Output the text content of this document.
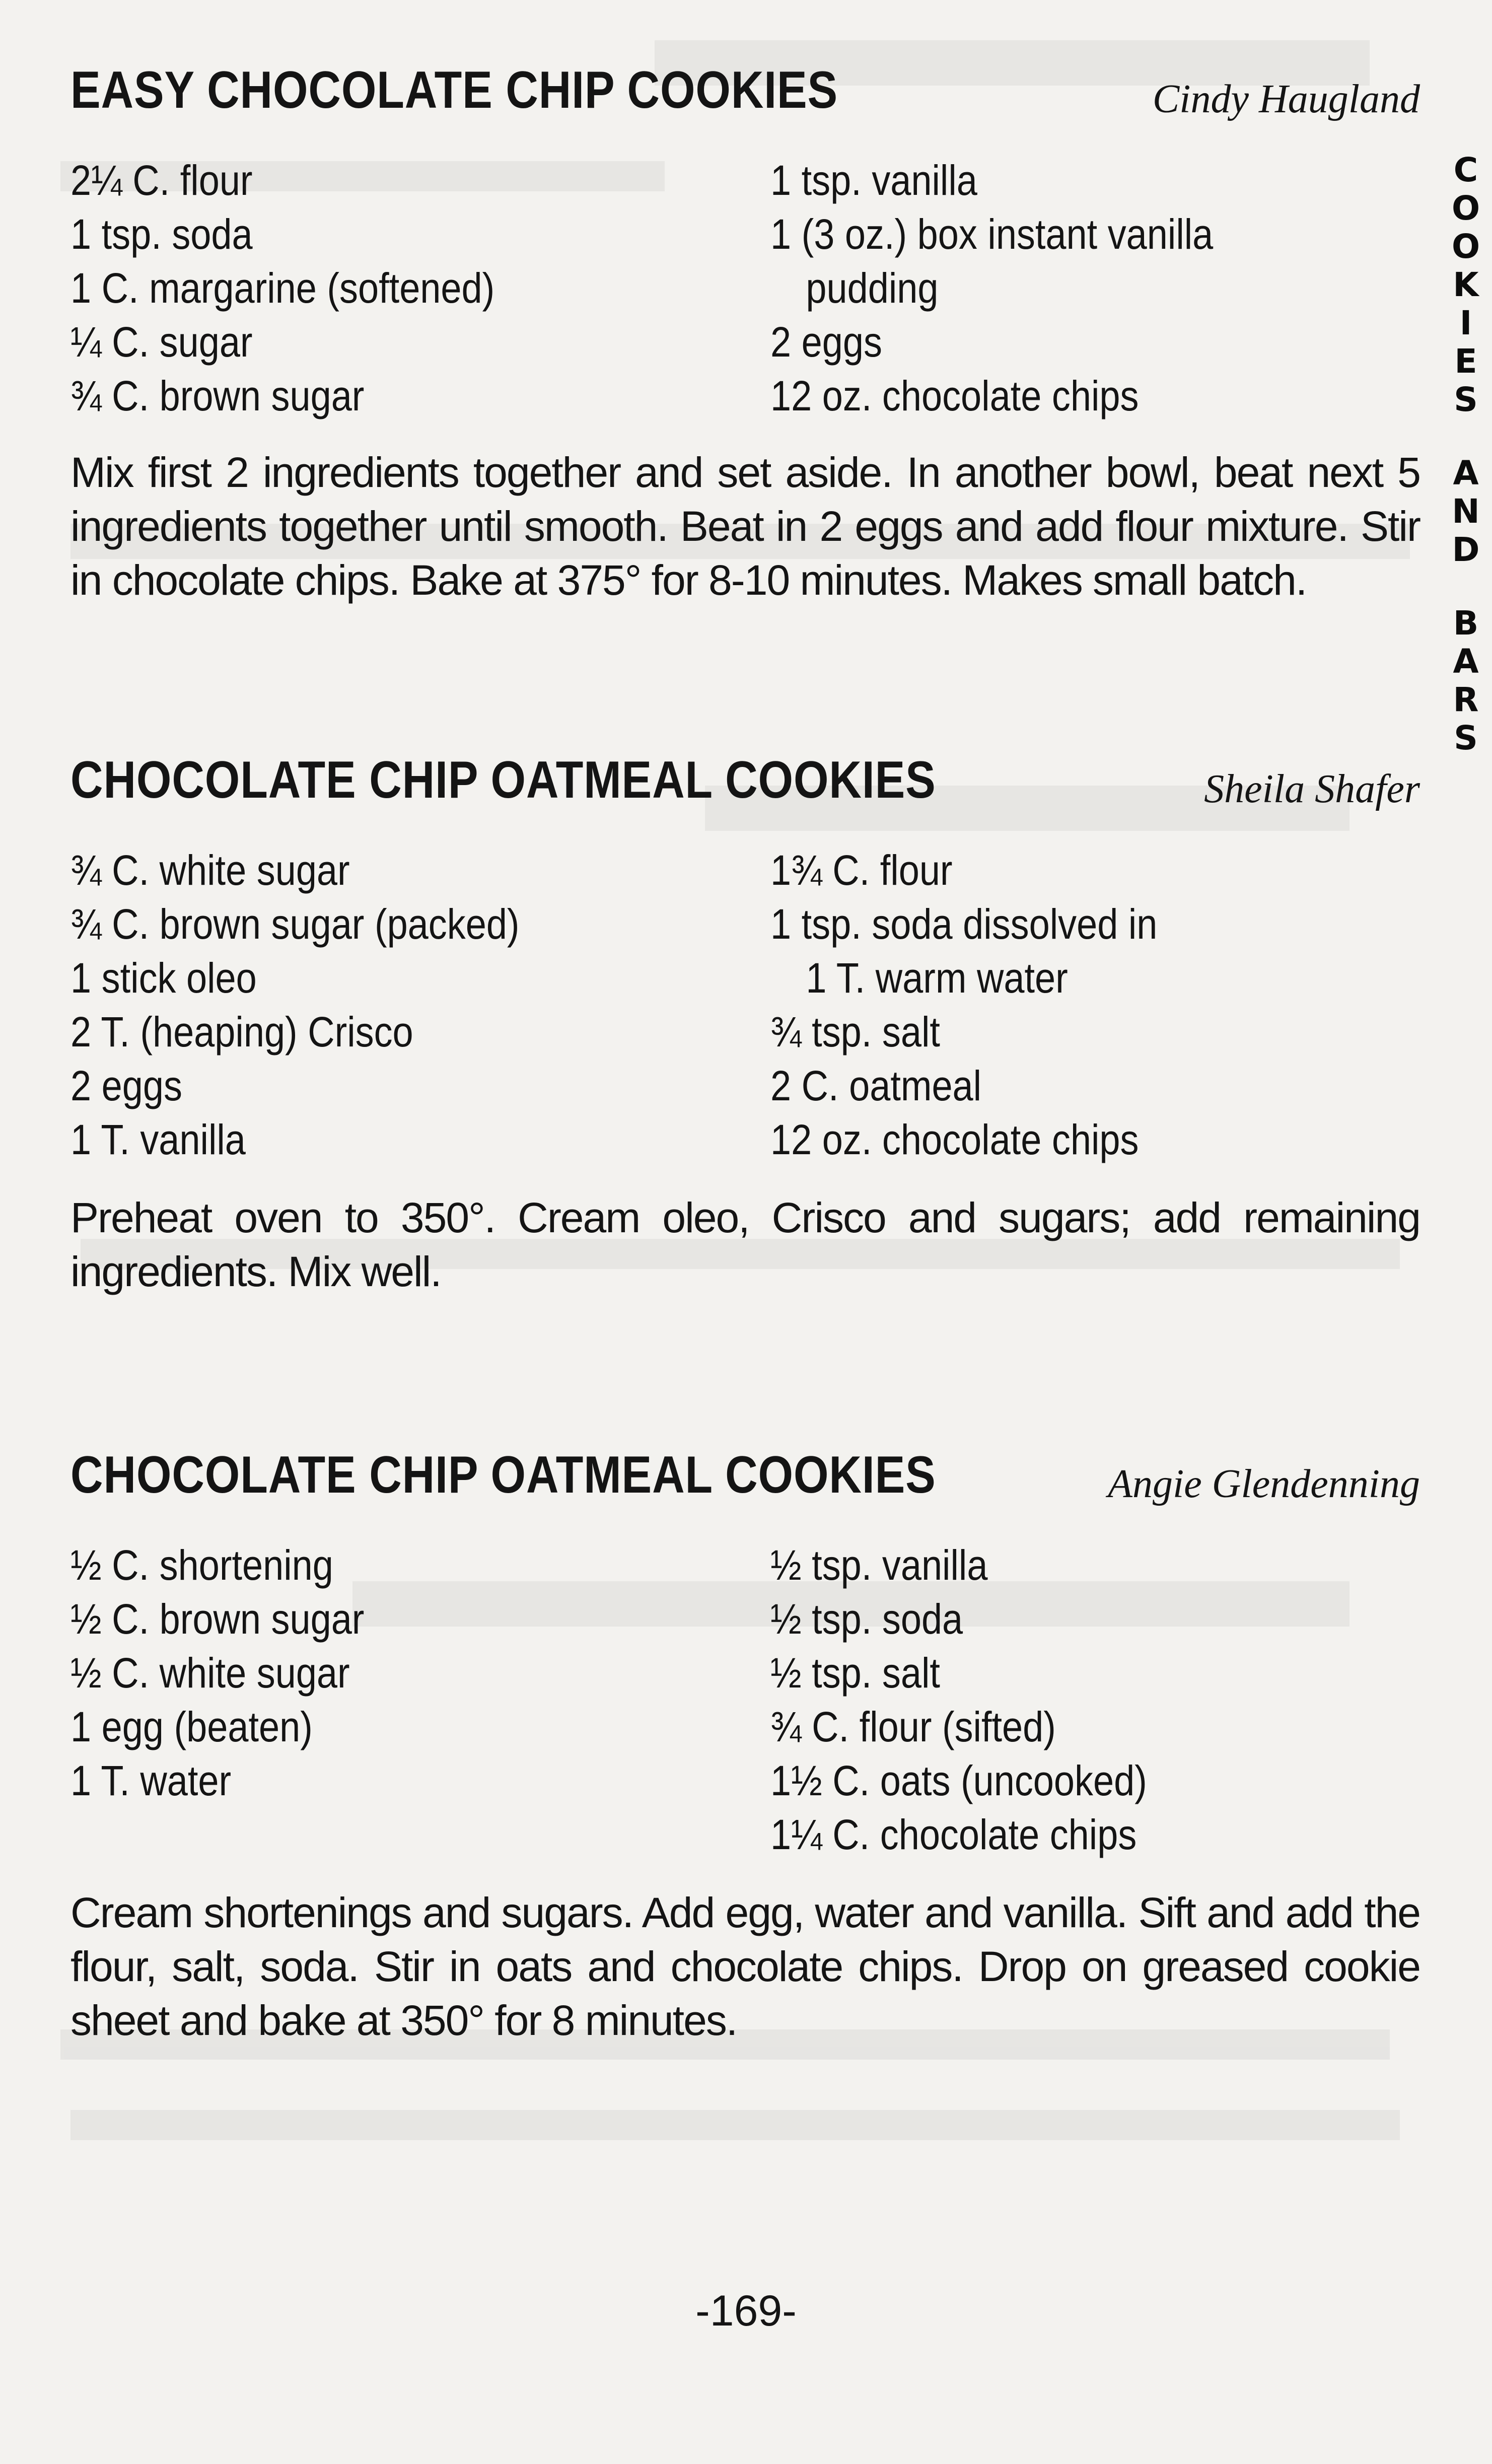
EASY CHOCOLATE CHIP COOKIES	Cindy Haugland
2¼ C. flour
1 tsp. soda
1 C. margarine (softened)
¼ C. sugar
¾ C. brown sugar
1 tsp. vanilla
1 (3 oz.) box instant vanilla
pudding
2 eggs
12 oz. chocolate chips
Mix first 2 ingredients together and set aside. In another bowl, beat next 5 ingredients together until smooth. Beat in 2 eggs and add flour mixture. Stir in chocolate chips. Bake at 375° for 8-10 minutes. Makes small batch.
CHOCOLATE CHIP OATMEAL COOKIES	Sheila Shafer
¾ C. white sugar
¾ C. brown sugar (packed)
1 stick oleo
2 T. (heaping) Crisco
2 eggs
1 T. vanilla
1¾ C. flour
1 tsp. soda dissolved in
1 T. warm water
¾ tsp. salt
2 C. oatmeal
12 oz. chocolate chips
Preheat oven to 350°. Cream oleo, Crisco and sugars; add remaining ingredients. Mix well.
CHOCOLATE CHIP OATMEAL COOKIES	Angie Glendenning
½ C. shortening
½ C. brown sugar
½ C. white sugar
1 egg (beaten)
1 T. water
½ tsp. vanilla
½ tsp. soda
½ tsp. salt
¾ C. flour (sifted)
1½ C. oats (uncooked)
1¼ C. chocolate chips
Cream shortenings and sugars. Add egg, water and vanilla. Sift and add the flour, salt, soda. Stir in oats and chocolate chips. Drop on greased cookie sheet and bake at 350° for 8 minutes.
C
O
O
K
I
E
S
A
N
D
B
A
R
S
-169-
